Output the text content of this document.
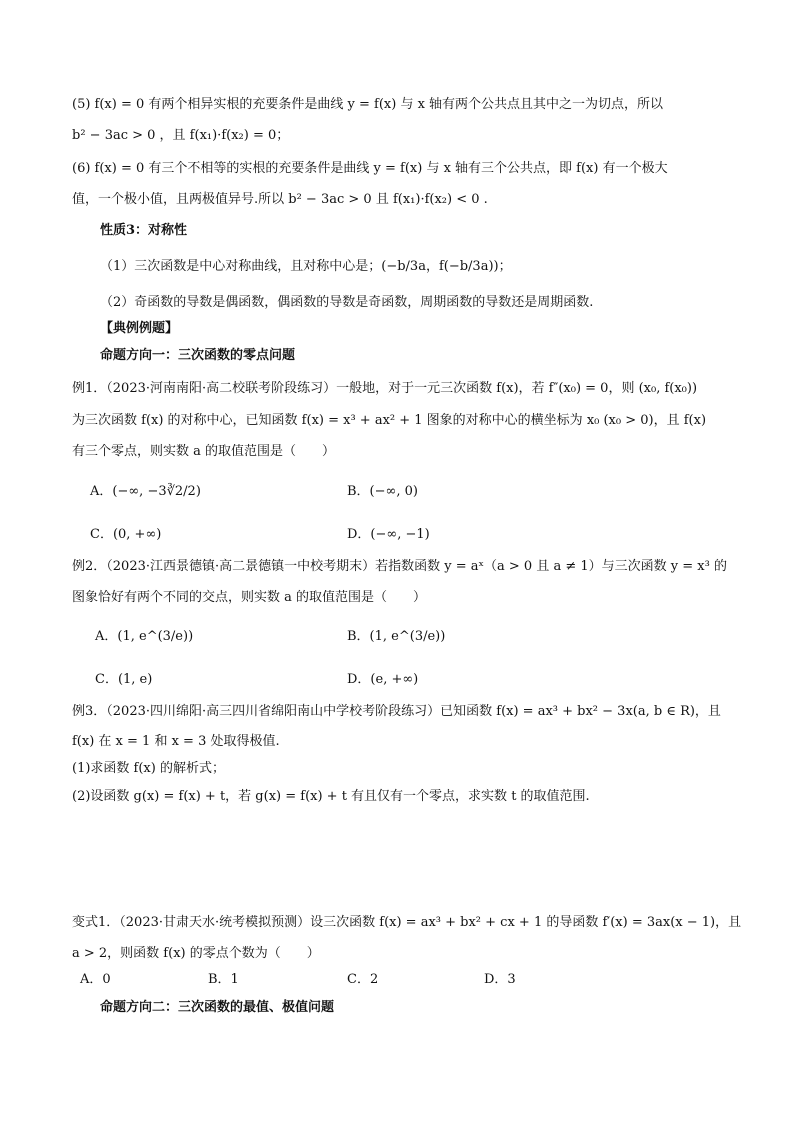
(5) f(x) = 0 有两个相异实根的充要条件是曲线 y = f(x) 与 x 轴有两个公共点且其中之一为切点，所以
b² − 3ac > 0 ，且 f(x₁)·f(x₂) = 0；
(6) f(x) = 0 有三个不相等的实根的充要条件是曲线 y = f(x) 与 x 轴有三个公共点，即 f(x) 有一个极大
值，一个极小值，且两极值异号.所以 b² − 3ac > 0 且 f(x₁)·f(x₂) < 0 .
性质3：对称性
（1）三次函数是中心对称曲线，且对称中心是；(−b/3a，f(−b/3a))；
（2）奇函数的导数是偶函数，偶函数的导数是奇函数，周期函数的导数还是周期函数.
【典例例题】
命题方向一：三次函数的零点问题
例1．（2023·河南南阳·高二校联考阶段练习）一般地，对于一元三次函数 f(x)，若 f″(x₀) = 0，则 (x₀, f(x₀))
为三次函数 f(x) 的对称中心，已知函数 f(x) = x³ + ax² + 1 图象的对称中心的横坐标为 x₀ (x₀ > 0)，且 f(x)
有三个零点，则实数 a 的取值范围是（　　）
A．(−∞, −3∛2/2)	B．(−∞, 0)
C．(0, +∞)	D．(−∞, −1)
例2．（2023·江西景德镇·高二景德镇一中校考期末）若指数函数 y = aˣ（a > 0 且 a ≠ 1）与三次函数 y = x³ 的
图象恰好有两个不同的交点，则实数 a 的取值范围是（　　）
A．(1, e^(3/e))	B．(1, e^(3/e))
C．(1, e)	D．(e, +∞)
例3．（2023·四川绵阳·高三四川省绵阳南山中学校考阶段练习）已知函数 f(x) = ax³ + bx² − 3x(a, b ∈ R)，且
f(x) 在 x = 1 和 x = 3 处取得极值.
(1)求函数 f(x) 的解析式；
(2)设函数 g(x) = f(x) + t，若 g(x) = f(x) + t 有且仅有一个零点，求实数 t 的取值范围.
变式1．（2023·甘肃天水·统考模拟预测）设三次函数 f(x) = ax³ + bx² + cx + 1 的导函数 f′(x) = 3ax(x − 1)，且
a > 2，则函数 f(x) 的零点个数为（　　）
A．0	B．1	C．2	D．3
命题方向二：三次函数的最值、极值问题
